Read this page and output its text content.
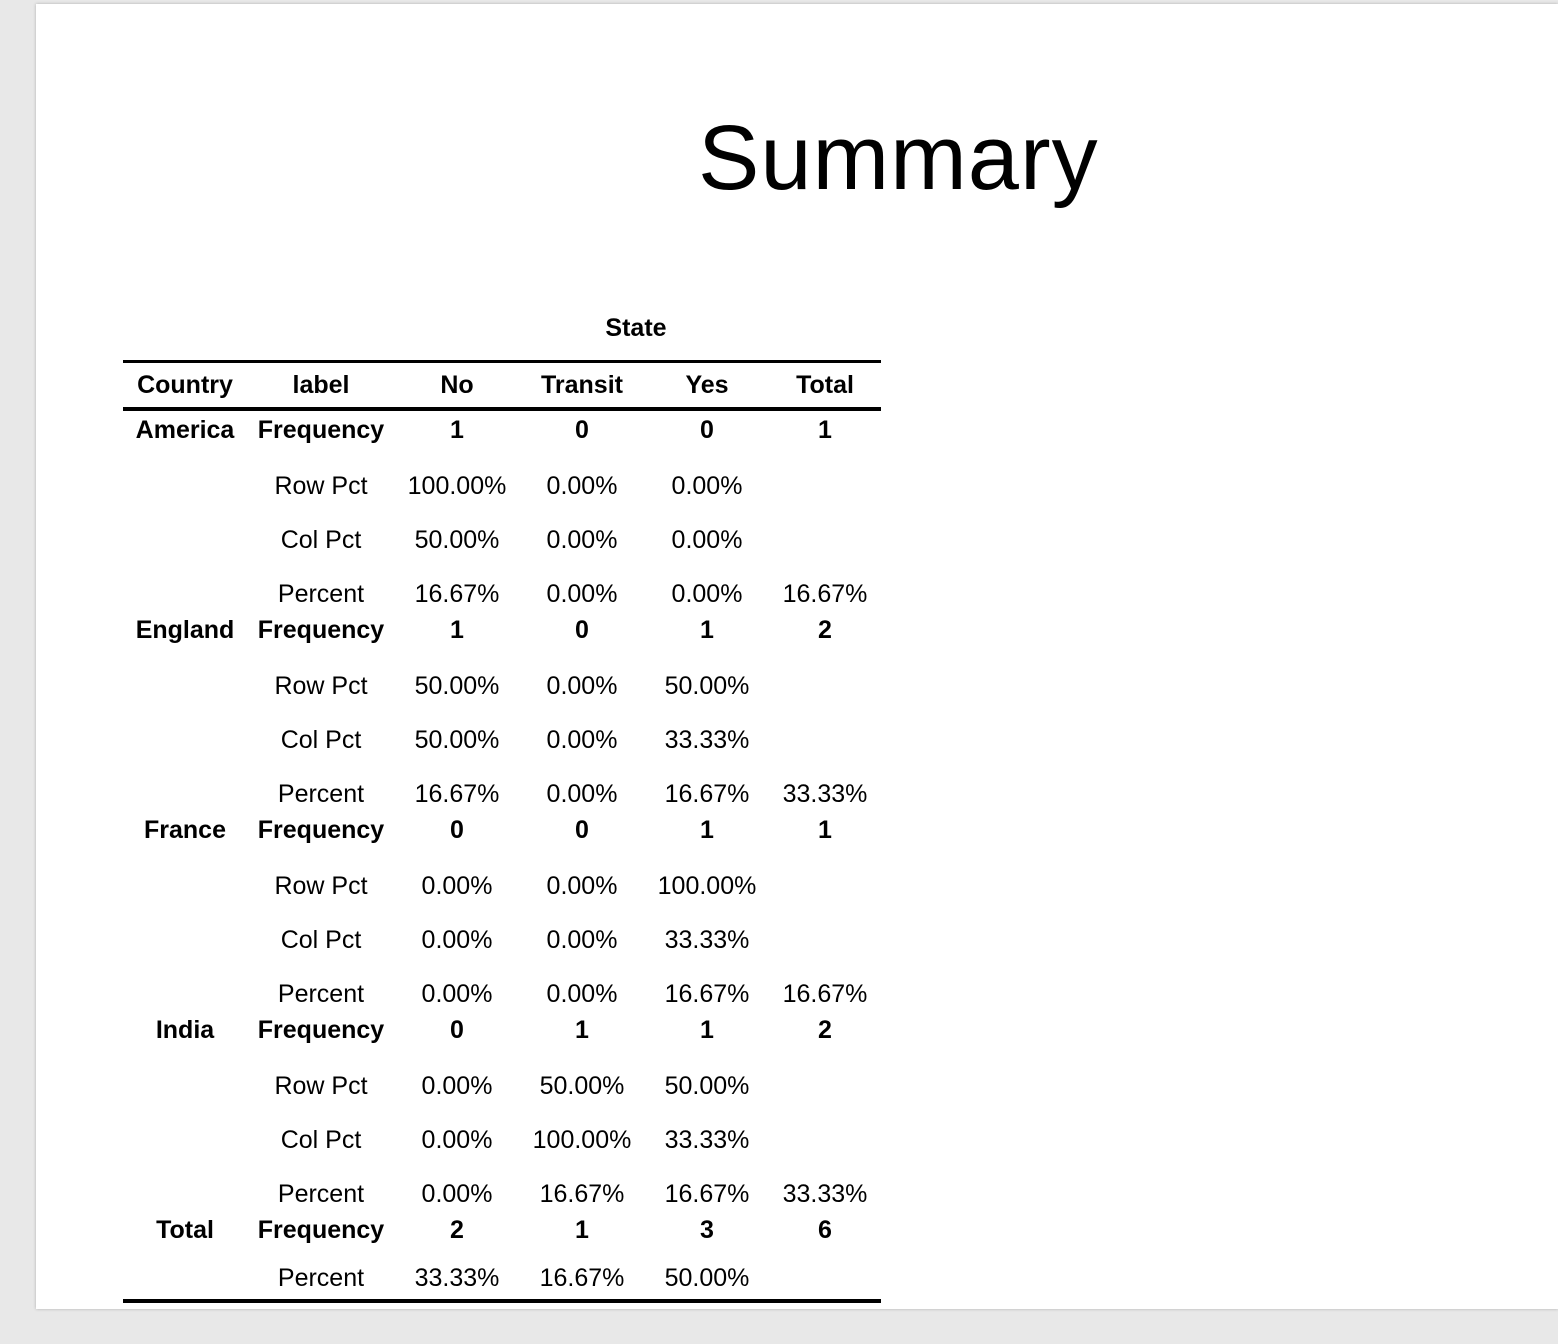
Summary
State
Country	label	No	Transit	Yes	Total
America	Frequency	1	0	0	1
	Row Pct	100.00%	0.00%	0.00%	
	Col Pct	50.00%	0.00%	0.00%	
	Percent	16.67%	0.00%	0.00%	16.67%
England	Frequency	1	0	1	2
	Row Pct	50.00%	0.00%	50.00%	
	Col Pct	50.00%	0.00%	33.33%	
	Percent	16.67%	0.00%	16.67%	33.33%
France	Frequency	0	0	1	1
	Row Pct	0.00%	0.00%	100.00%	
	Col Pct	0.00%	0.00%	33.33%	
	Percent	0.00%	0.00%	16.67%	16.67%
India	Frequency	0	1	1	2
	Row Pct	0.00%	50.00%	50.00%	
	Col Pct	0.00%	100.00%	33.33%	
	Percent	0.00%	16.67%	16.67%	33.33%
Total	Frequency	2	1	3	6
	Percent	33.33%	16.67%	50.00%	
